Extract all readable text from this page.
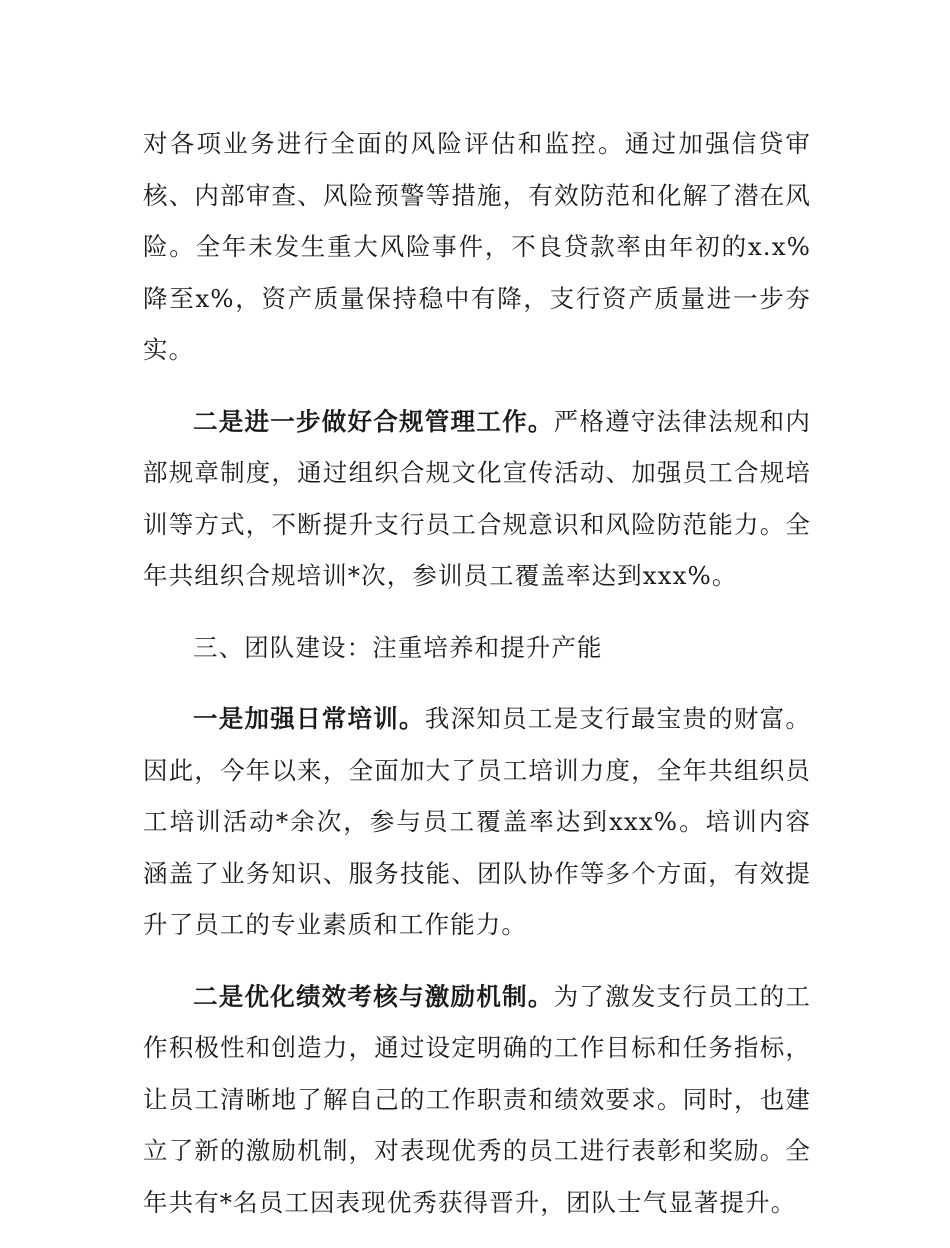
对各项业务进行全面的风险评估和监控。通过加强信贷审核、内部审查、风险预警等措施，有效防范和化解了潜在风险。全年未发生重大风险事件，不良贷款率由年初的x.x%降至x%，资产质量保持稳中有降，支行资产质量进一步夯实。

二是进一步做好合规管理工作。严格遵守法律法规和内部规章制度，通过组织合规文化宣传活动、加强员工合规培训等方式，不断提升支行员工合规意识和风险防范能力。全年共组织合规培训*次，参训员工覆盖率达到xxx%。

三、团队建设：注重培养和提升产能

一是加强日常培训。我深知员工是支行最宝贵的财富。因此，今年以来，全面加大了员工培训力度，全年共组织员工培训活动*余次，参与员工覆盖率达到xxx%。培训内容涵盖了业务知识、服务技能、团队协作等多个方面，有效提升了员工的专业素质和工作能力。

二是优化绩效考核与激励机制。为了激发支行员工的工作积极性和创造力，通过设定明确的工作目标和任务指标，让员工清晰地了解自己的工作职责和绩效要求。同时，也建立了新的激励机制，对表现优秀的员工进行表彰和奖励。全年共有*名员工因表现优秀获得晋升，团队士气显著提升。
